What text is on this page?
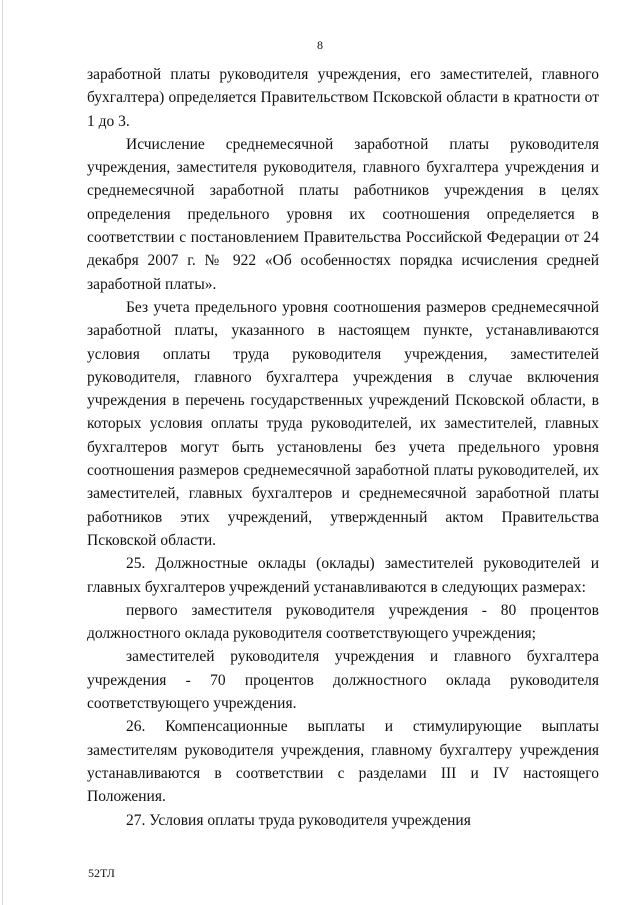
8

заработной платы руководителя учреждения, его заместителей, главного бухгалтера) определяется Правительством Псковской области в кратности от 1 до 3.

Исчисление среднемесячной заработной платы руководителя учреждения, заместителя руководителя, главного бухгалтера учреждения и среднемесячной заработной платы работников учреждения в целях определения предельного уровня их соотношения определяется в соответствии с постановлением Правительства Российской Федерации от 24 декабря 2007 г. № 922 «Об особенностях порядка исчисления средней заработной платы».

Без учета предельного уровня соотношения размеров среднемесячной заработной платы, указанного в настоящем пункте, устанавливаются условия оплаты труда руководителя учреждения, заместителей руководителя, главного бухгалтера учреждения в случае включения учреждения в перечень государственных учреждений Псковской области, в которых условия оплаты труда руководителей, их заместителей, главных бухгалтеров могут быть установлены без учета предельного уровня соотношения размеров среднемесячной заработной платы руководителей, их заместителей, главных бухгалтеров и среднемесячной заработной платы работников этих учреждений, утвержденный актом Правительства Псковской области.

25. Должностные оклады (оклады) заместителей руководителей и главных бухгалтеров учреждений устанавливаются в следующих размерах:

первого заместителя руководителя учреждения - 80 процентов должностного оклада руководителя соответствующего учреждения;

заместителей руководителя учреждения и главного бухгалтера учреждения - 70 процентов должностного оклада руководителя соответствующего учреждения.

26. Компенсационные выплаты и стимулирующие выплаты заместителям руководителя учреждения, главному бухгалтеру учреждения устанавливаются в соответствии с разделами III и IV настоящего Положения.

27. Условия оплаты труда руководителя учреждения

52ТЛ
